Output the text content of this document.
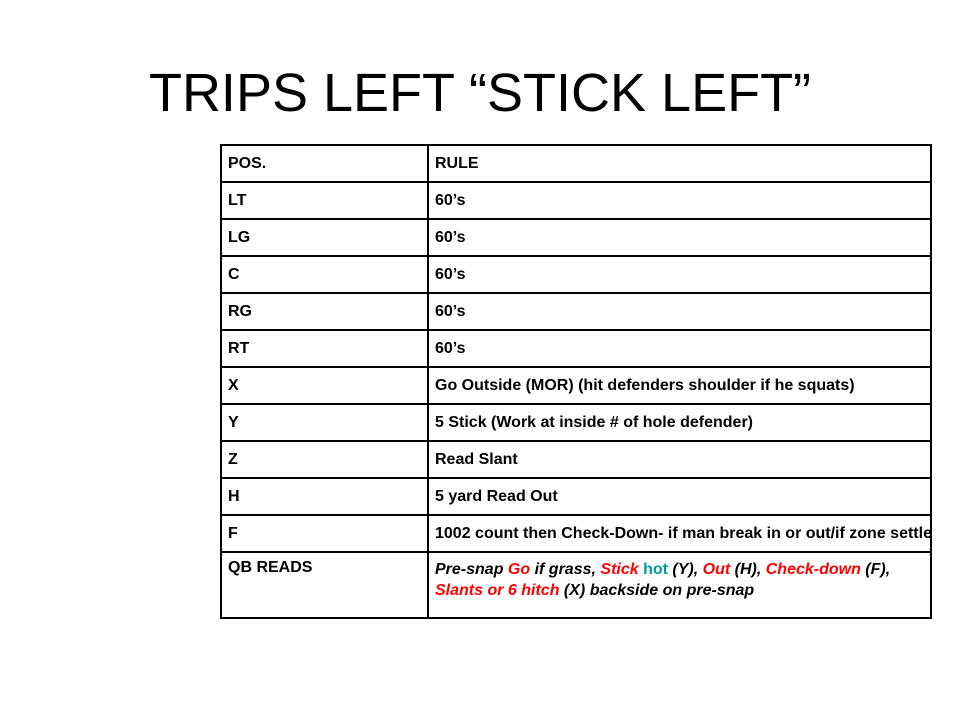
TRIPS LEFT “STICK LEFT”
POS.	RULE
LT	60’s
LG	60’s
C	60’s
RG	60’s
RT	60’s
X	Go Outside (MOR) (hit defenders shoulder if he squats)
Y	5 Stick (Work at inside # of hole defender)
Z	Read Slant
H	5 yard Read Out
F	1002 count then Check-Down- if man break in or out/if zone settle
QB READS	Pre-snap Go if grass, Stick hot (Y), Out (H), Check-down (F), Slants or 6 hitch (X) backside on pre-snap
